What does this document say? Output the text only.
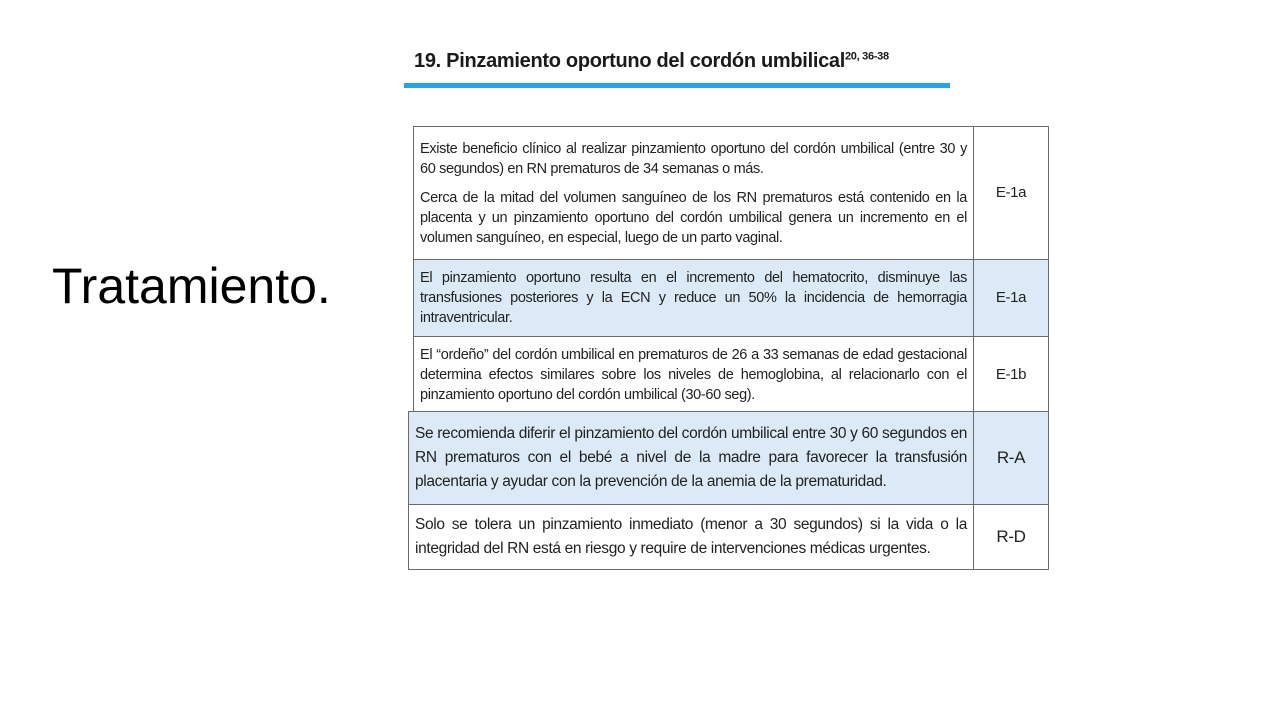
Tratamiento.
19. Pinzamiento oportuno del cordón umbilical$^{20, 36-38}$

Existe beneficio clínico al realizar pinzamiento oportuno del cordón umbilical (entre 30 y 60 segundos) en RN prematuros de 34 semanas o más.

Cerca de la mitad del volumen sanguíneo de los RN prematuros está contenido en la placenta y un pinzamiento oportuno del cordón umbilical genera un incremento en el volumen sanguíneo, en especial, luego de un parto vaginal.	E-1a
El pinzamiento oportuno resulta en el incremento del hematocrito, disminuye las transfusiones posteriores y la ECN y reduce un 50% la incidencia de hemorragia intraventricular.	E-1a
El “ordeño” del cordón umbilical en prematuros de 26 a 33 semanas de edad gestacional determina efectos similares sobre los niveles de hemoglobina, al relacionarlo con el pinzamiento oportuno del cordón umbilical (30-60 seg).	E-1b
Se recomienda diferir el pinzamiento del cordón umbilical entre 30 y 60 segundos en RN prematuros con el bebé a nivel de la madre para favorecer la transfusión placentaria y ayudar con la prevención de la anemia de la prematuridad.	R-A
Solo se tolera un pinzamiento inmediato (menor a 30 segundos) si la vida o la integridad del RN está en riesgo y require de intervenciones médicas urgentes.	R-D
